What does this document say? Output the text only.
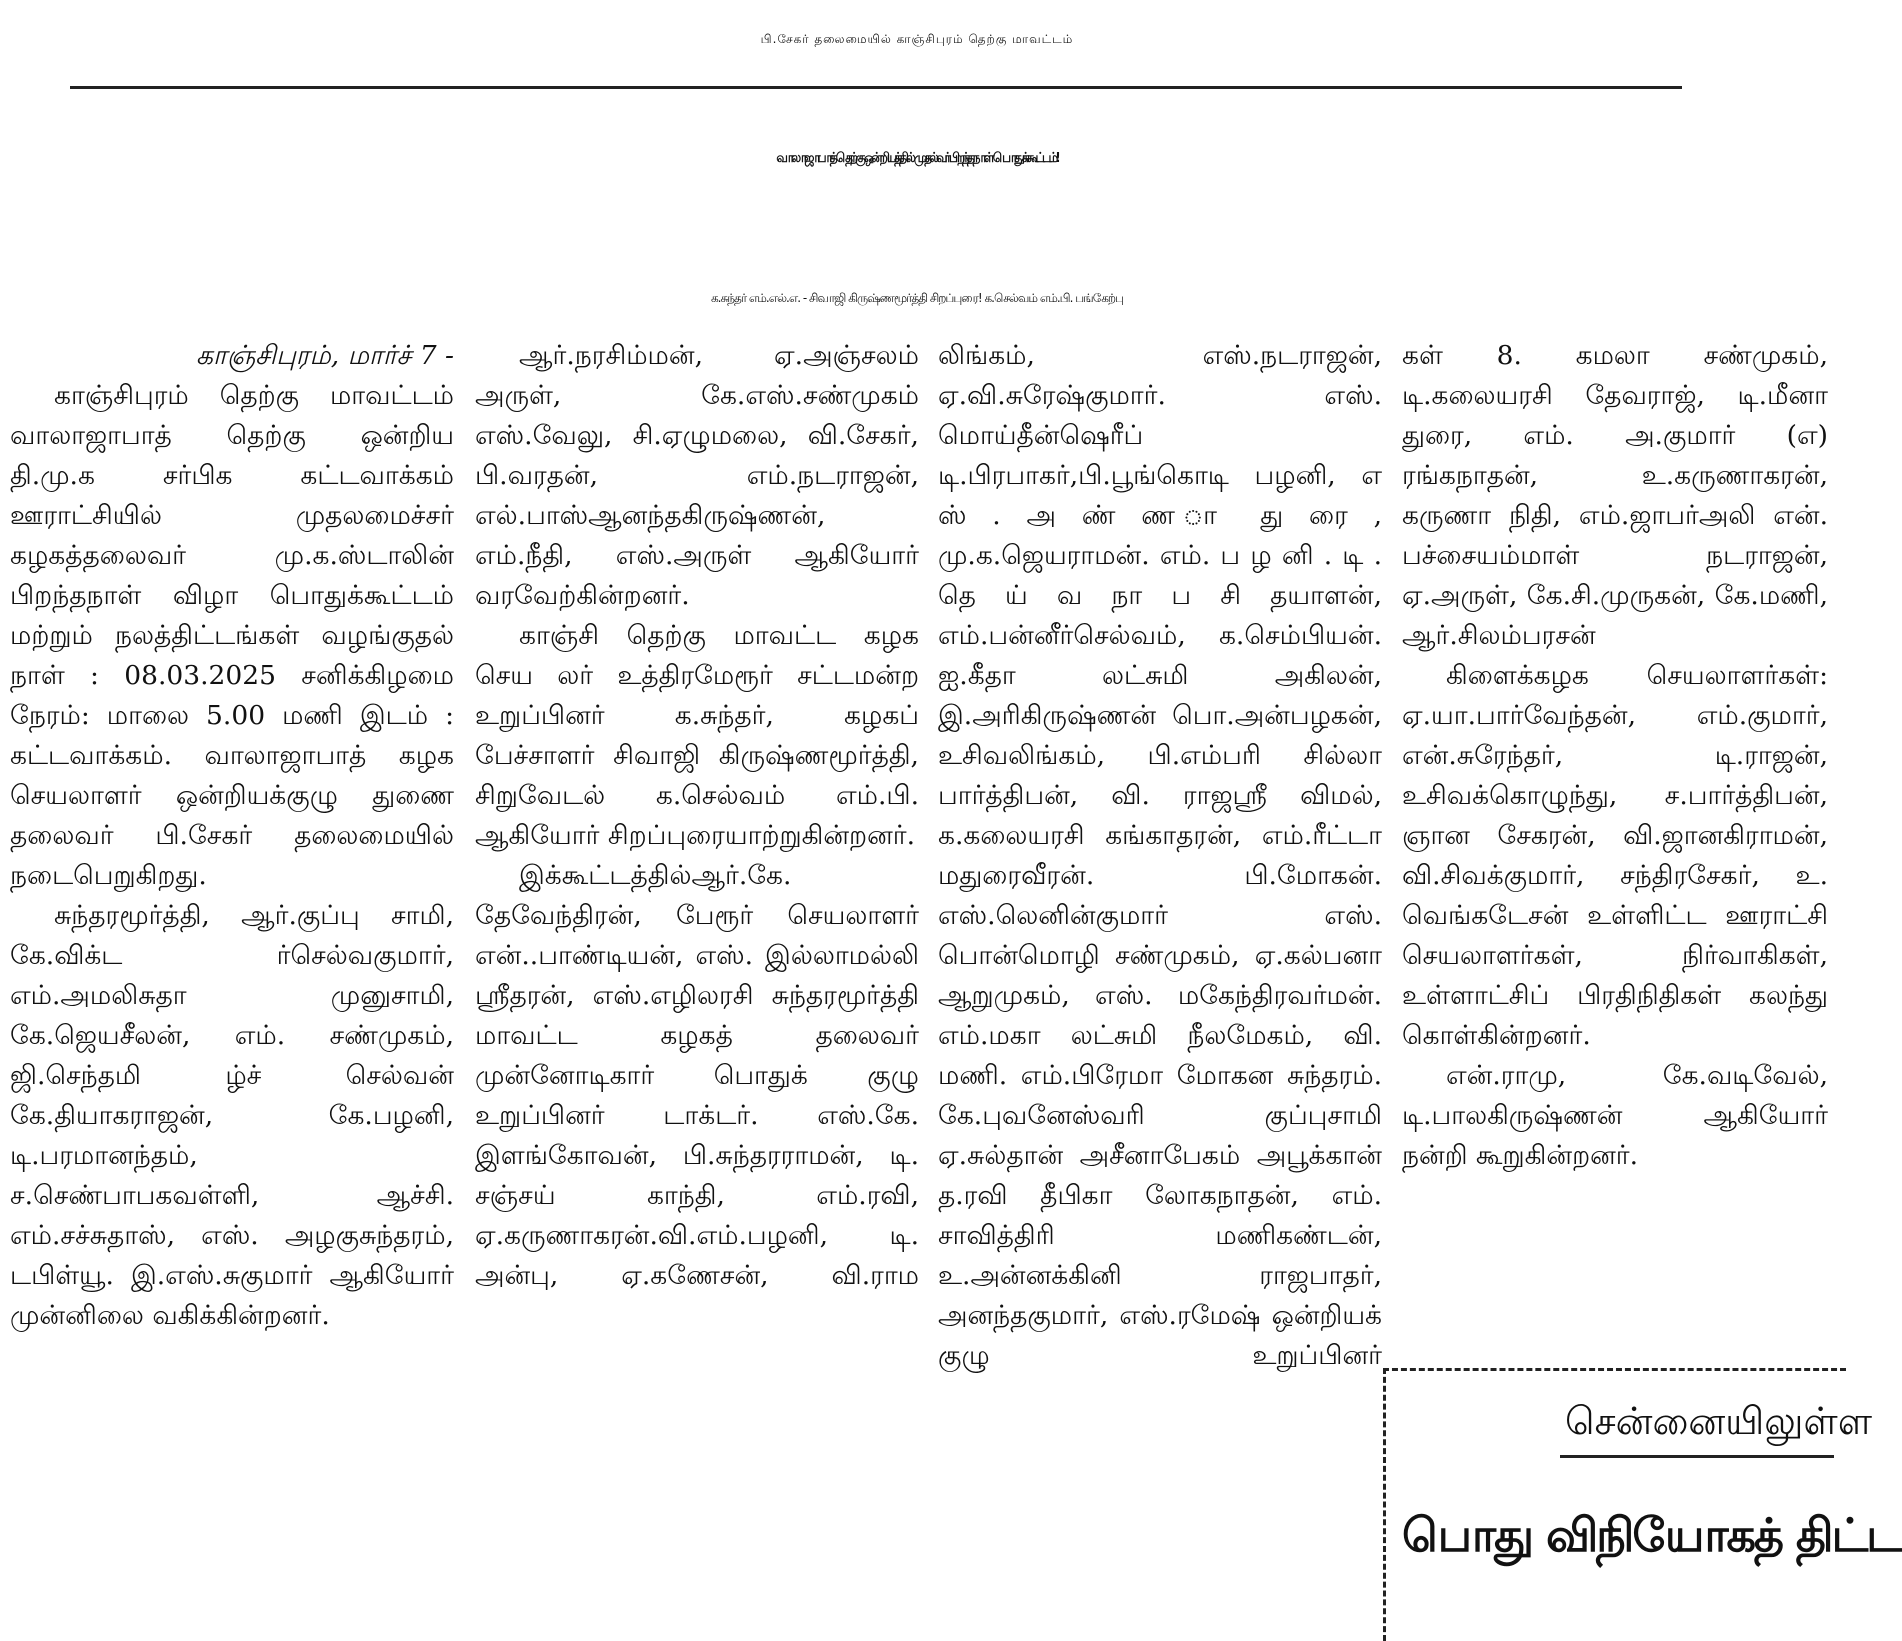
பி.சேகர் தலைமையில் காஞ்சிபுரம் தெற்கு மாவட்டம்
வாலாஜாபாத் தெற்கு ஒன்றியத்தில் முதல்வர் பிறந்த நாள் பொதுக்கூட்டம்!
க.சுந்தர் எம்.எல்.எ. - சிவாஜி கிருஷ்ணமூர்த்தி சிறப்புரை! க.செல்வம் எம்.பி. பங்கேற்பு

காஞ்சிபுரம், மார்ச் 7 -

காஞ்சிபுரம் தெற்கு மாவட்டம் வாலாஜாபாத் தெற்கு ஒன்றிய தி.மு.க சர்பிக கட்டவாக்கம் ஊராட்சியில் முதலமைச்சர் கழகத்தலைவர் மு.க.ஸ்டாலின் பிறந்தநாள் விழா பொதுக்கூட்டம் மற்றும் நலத்திட்டங்கள் வழங்குதல் நாள் : 08.03.2025 சனிக்கிழமை நேரம்: மாலை 5.00 மணி இடம் : கட்டவாக்கம். வாலாஜாபாத் கழக செயலாளர் ஒன்றியக்குழு துணை தலைவர் பி.சேகர் தலைமையில் நடைபெறுகிறது.

சுந்தரமூர்த்தி, ஆர்.குப்பு சாமி, கே.விக்ட ர்செல்வகுமார், எம்.அமலிசுதா முனுசாமி, கே.ஜெயசீலன், எம். சண்முகம், ஜி.செந்தமி ழ்ச் செல்வன் கே.தியாகராஜன், கே.பழனி, டி.பரமானந்தம், ச.செண்பாபகவள்ளி, ஆச்சி. எம்.சச்சுதாஸ், எஸ். அழகுசுந்தரம், டபிள்யூ. இ.எஸ்.சுகுமார் ஆகியோர் முன்னிலை வகிக்கின்றனர்.

ஆர்.நரசிம்மன், ஏ.அஞ்சலம் அருள், கே.எஸ்.சண்முகம் எஸ்.வேலு, சி.ஏழுமலை, வி.சேகர், பி.வரதன், எம்.நடராஜன், எல்.பாஸ்ஆனந்தகிருஷ்ணன், எம்.நீதி, எஸ்.அருள் ஆகியோர் வரவேற்கின்றனர்.

காஞ்சி தெற்கு மாவட்ட கழக செய லர் உத்திரமேரூர் சட்டமன்ற உறுப்பினர் க.சுந்தர், கழகப் பேச்சாளர் சிவாஜி கிருஷ்ணமூர்த்தி, சிறுவேடல் க.செல்வம் எம்.பி. ஆகியோர் சிறப்புரையாற்றுகின்றனர்.

இக்கூட்டத்தில்ஆர்.கே. தேவேந்திரன், பேரூர் செயலாளர் என்..பாண்டியன், எஸ். இல்லாமல்லி ஸ்ரீதரன், எஸ்.எழிலரசி சுந்தரமூர்த்தி மாவட்ட கழகத் தலைவர் முன்னோடிகார் பொதுக் குழு உறுப்பினர் டாக்டர். எஸ்.கே. இளங்கோவன், பி.சுந்தரராமன், டி. சஞ்சய் காந்தி, எம்.ரவி, ஏ.கருணாகரன்.வி.எம்.பழனி, டி. அன்பு, ஏ.கணேசன், வி.ராம

லிங்கம், எஸ்.நடராஜன், ஏ.வி.சுரேஷ்குமார். எஸ். மொய்தீன்ஷெரீப் டி.பிரபாகர்,பி.பூங்கொடி பழனி, எ ஸ் . அ ண் ண ா து ரை , மு.க.ஜெயராமன். எம். ப ழ னி . டி . தெ ய் வ நா ப சி தயாளன், எம்.பன்னீர்செல்வம், க.செம்பியன். ஐ.கீதா லட்சுமி அகிலன், இ.அரிகிருஷ்ணன் பொ.அன்பழகன், உசிவலிங்கம், பி.எம்பரி சில்லா பார்த்திபன், வி. ராஜஸ்ரீ விமல், க.கலையரசி கங்காதரன், எம்.ரீட்டா மதுரைவீரன். பி.மோகன். எஸ்.லெனின்குமார் எஸ். பொன்மொழி சண்முகம், ஏ.கல்பனா ஆறுமுகம், எஸ். மகேந்திரவர்மன். எம்.மகா லட்சுமி நீலமேகம், வி. மணி. எம்.பிரேமா மோகன சுந்தரம். கே.புவனேஸ்வரி குப்புசாமி ஏ.சுல்தான் அசீனாபேகம் அபூக்கான் த.ரவி தீபிகா லோகநாதன், எம். சாவித்திரி மணிகண்டன், உ.அன்னக்கினி ராஜபாதர், அனந்தகுமார், எஸ்.ரமேஷ் ஒன்றியக் குழு உறுப்பினர்

கள் 8. கமலா சண்முகம், டி.கலையரசி தேவராஜ், டி.மீனா துரை, எம். அ.குமார் (எ) ரங்கநாதன், உ.கருணாகரன், கருணா நிதி, எம்.ஜாபர்அலி என். பச்சையம்மாள் நடராஜன், ஏ.அருள், கே.சி.முருகன், கே.மணி, ஆர்.சிலம்பரசன்

கிளைக்கழக செயலாளர்கள்: ஏ.யா.பார்வேந்தன், எம்.குமார், என்.சுரேந்தர், டி.ராஜன், உசிவக்கொழுந்து, ச.பார்த்திபன், ஞான சேகரன், வி.ஜானகிராமன், வி.சிவக்குமார், சந்திரசேகர், உ. வெங்கடேசன் உள்ளிட்ட ஊராட்சி செயலாளர்கள், நிர்வாகிகள், உள்ளாட்சிப் பிரதிநிதிகள் கலந்து கொள்கின்றனர்.

என்.ராமு, கே.வடிவேல், டி.பாலகிருஷ்ணன் ஆகியோர் நன்றி கூறுகின்றனர்.

சென்னையிலுள்ள
பொது விநியோகத் திட்ட
